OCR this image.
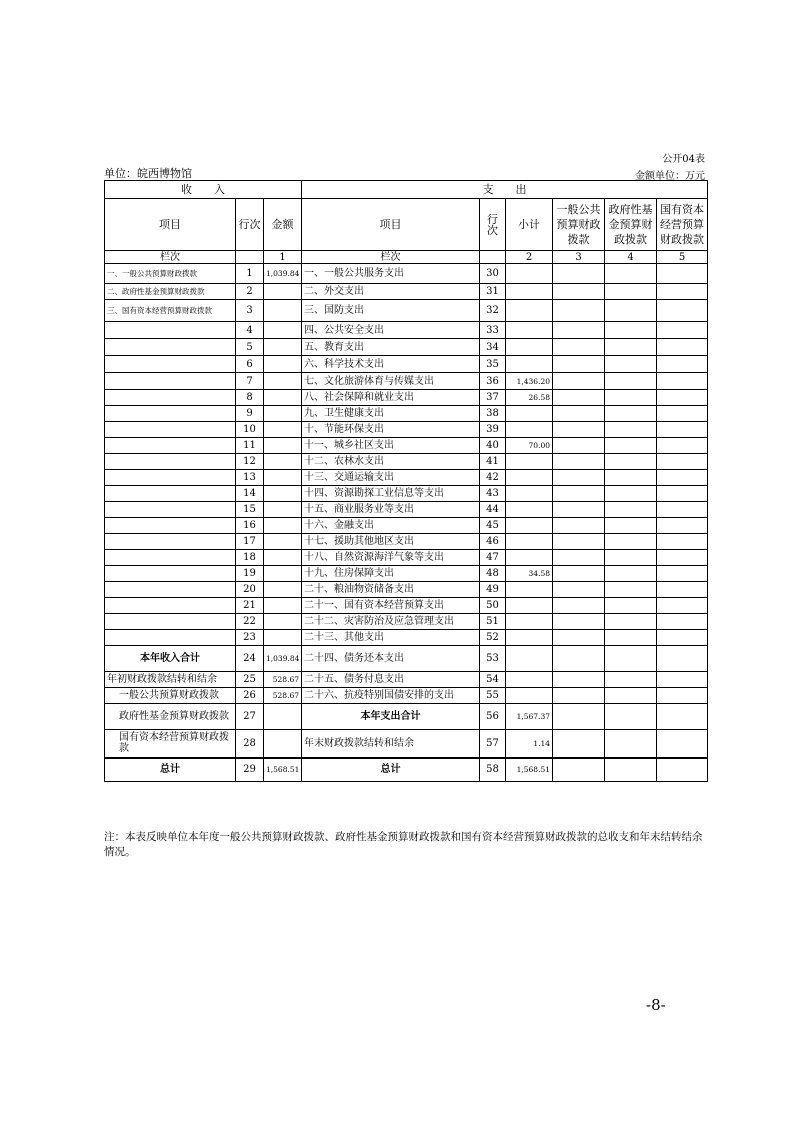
公开04表
单位：皖西博物馆	金额单位：万元
收　　入			支　　出					
项目	行次	金额	项目	行次	小计	一般公共预算财政拨款	政府性基金预算财政拨款	国有资本经营预算财政拨款
栏次		1	栏次		2	3	4	5
一、一般公共预算财政拨款	1	1,039.84	一、一般公共服务支出	30				
二、政府性基金预算财政拨款	2		二、外交支出	31				
三、国有资本经营预算财政拨款	3		三、国防支出	32				
	4		四、公共安全支出	33				
	5		五、教育支出	34				
	6		六、科学技术支出	35				
	7		七、文化旅游体育与传媒支出	36	1,436.20			
	8		八、社会保障和就业支出	37	26.58			
	9		九、卫生健康支出	38				
	10		十、节能环保支出	39				
	11		十一、城乡社区支出	40	70.00			
	12		十二、农林水支出	41				
	13		十三、交通运输支出	42				
	14		十四、资源勘探工业信息等支出	43				
	15		十五、商业服务业等支出	44				
	16		十六、金融支出	45				
	17		十七、援助其他地区支出	46				
	18		十八、自然资源海洋气象等支出	47				
	19		十九、住房保障支出	48	34.58			
	20		二十、粮油物资储备支出	49				
	21		二十一、国有资本经营预算支出	50				
	22		二十二、灾害防治及应急管理支出	51				
	23		二十三、其他支出	52				
本年收入合计	24	1,039.84	二十四、债务还本支出	53				
年初财政拨款结转和结余	25	528.67	二十五、债务付息支出	54				
一般公共预算财政拨款	26	528.67	二十六、抗疫特别国债安排的支出	55				
政府性基金预算财政拨款	27		本年支出合计	56	1,567.37			
国有资本经营预算财政拨款	28		年末财政拨款结转和结余	57	1.14			
总计	29	1,568.51	总计	58	1,568.51			
注：本表反映单位本年度一般公共预算财政拨款、政府性基金预算财政拨款和国有资本经营预算财政拨款的总收支和年末结转结余情况。
-8-
